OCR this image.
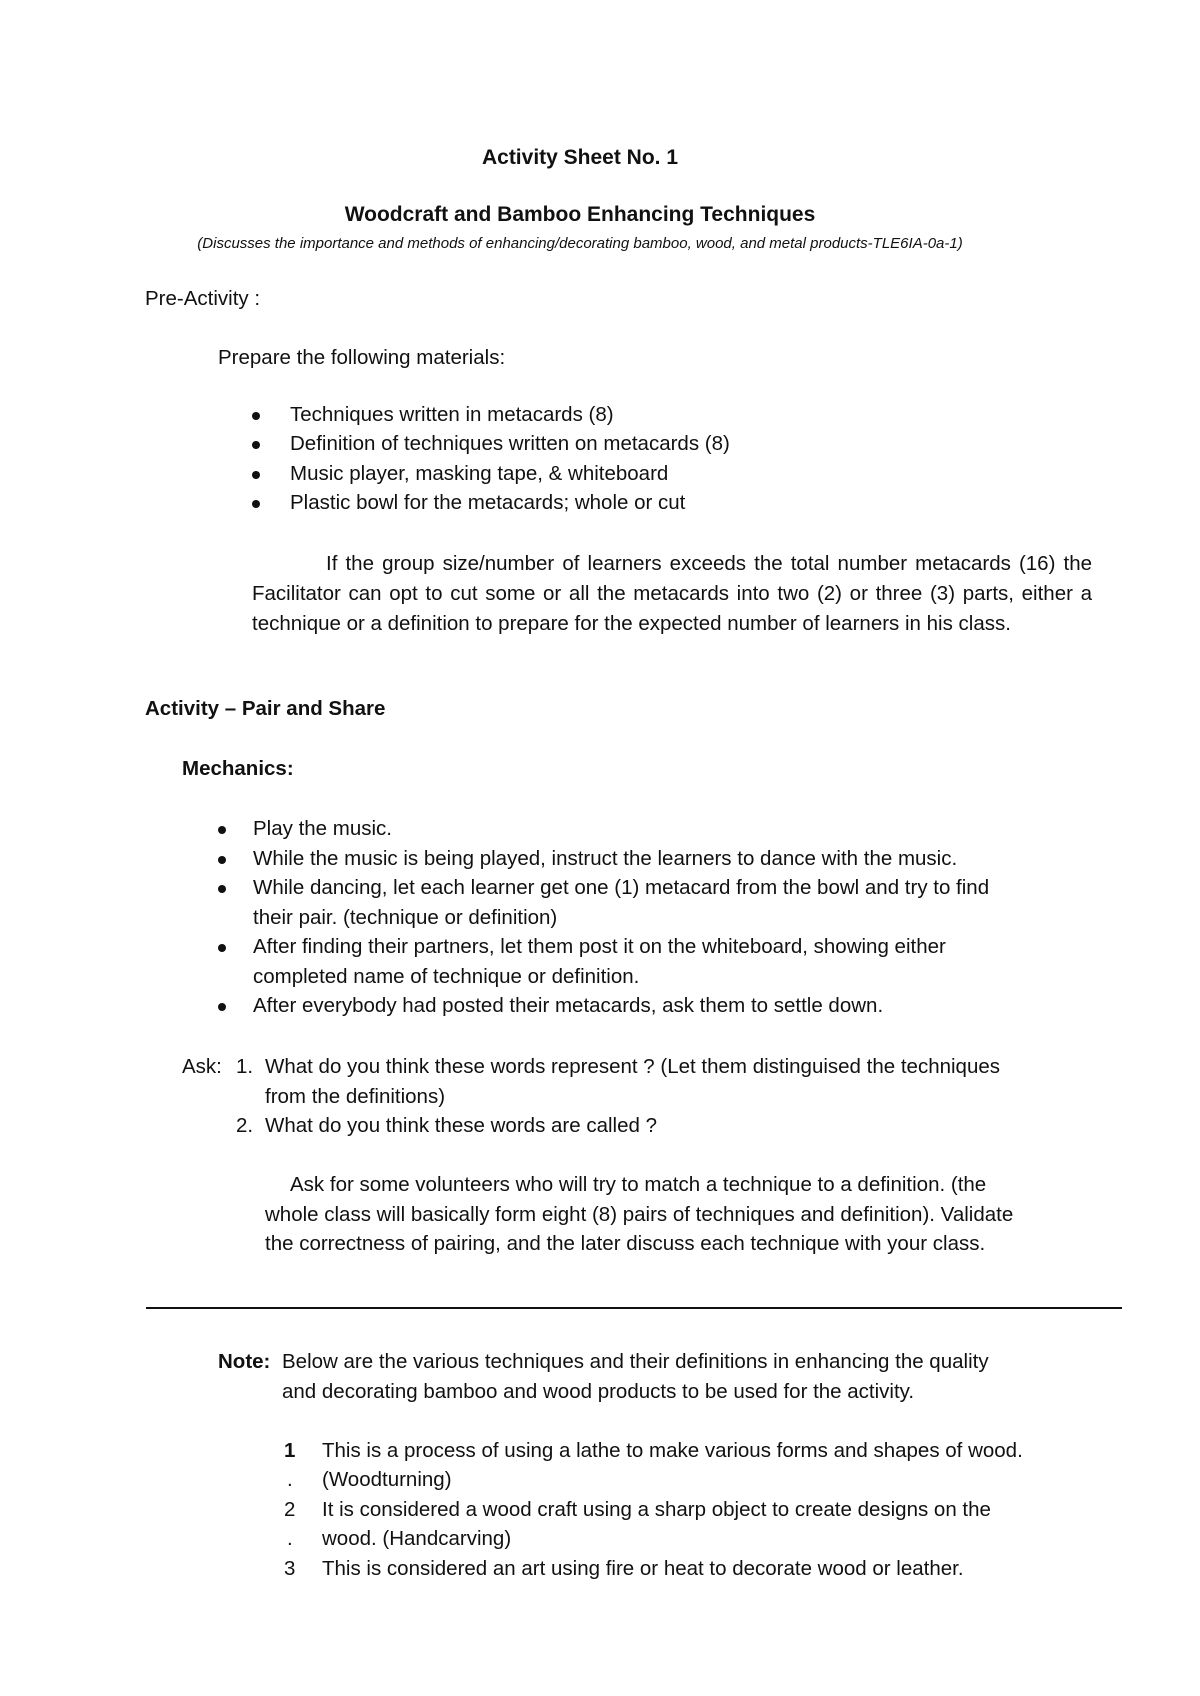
Activity Sheet No. 1
Woodcraft and Bamboo Enhancing Techniques
(Discusses the importance and methods of enhancing/decorating bamboo, wood, and metal products-TLE6IA-0a-1)
Pre-Activity :
Prepare the following materials:
Techniques written in metacards (8)
Definition of techniques written on metacards (8)
Music player, masking tape, & whiteboard
Plastic bowl for the metacards; whole or cut
If the group size/number of learners exceeds the total number metacards (16) the Facilitator can opt to cut some or all the metacards into two (2) or three (3) parts, either a technique or a definition to prepare for the expected number of learners in his class.
Activity – Pair and Share
Mechanics:
Play the music.
While the music is being played, instruct the learners to dance with the music.
While dancing, let each learner get one (1) metacard from the bowl and try to find
their pair. (technique or definition)
After finding their partners, let them post it on the whiteboard, showing either
completed name of technique or definition.
After everybody had posted their metacards, ask them to settle down.
Ask: 1. What do you think these words represent ? (Let them distinguised the techniques
from the definitions)
2. What do you think these words are called ?
Ask for some volunteers who will try to match a technique to a definition. (the
whole class will basically form eight (8) pairs of techniques and definition). Validate
the correctness of pairing, and the later discuss each technique with your class.
Note: Below are the various techniques and their definitions in enhancing the quality
and decorating bamboo and wood products to be used for the activity.
1
.
This is a process of using a lathe to make various forms and shapes of wood.
(Woodturning)
2
.
It is considered a wood craft using a sharp object to create designs on the
wood. (Handcarving)
3 This is considered an art using fire or heat to decorate wood or leather.
